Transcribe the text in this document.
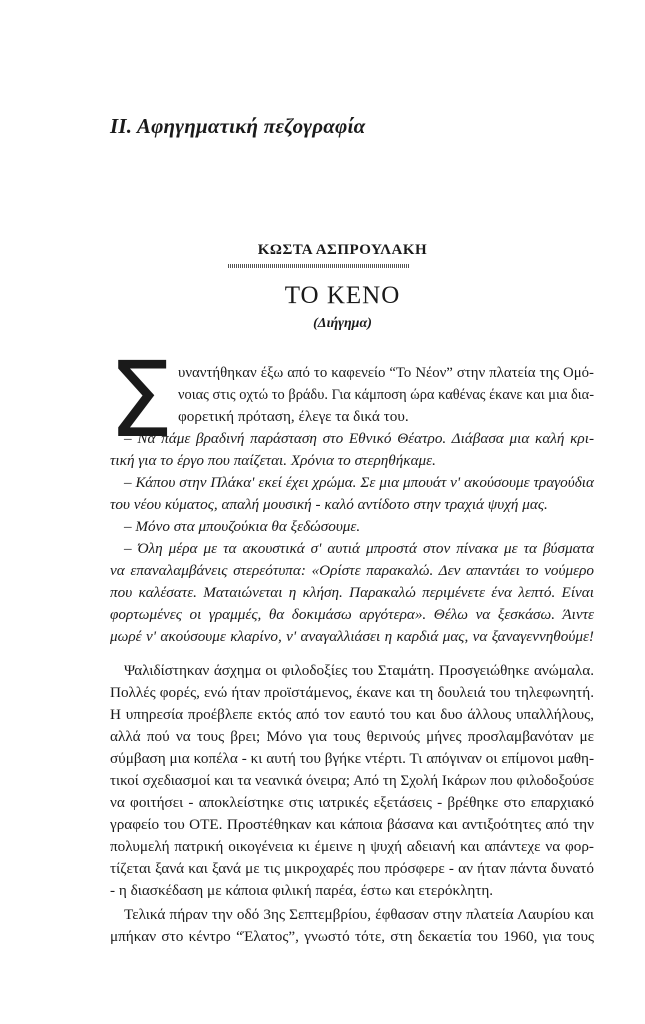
ΙΙ. Αφηγηματική πεζογραφία
ΚΩΣΤΑ ΑΣΠΡΟΥΛΑΚΗ
ΤΟ ΚΕΝΟ
(Διήγημα)
Σ υναντήθηκαν έξω από το καφενείο “Το Νέον” στην πλατεία της Ομό-
νοιας στις οχτώ το βράδυ. Για κάμποση ώρα καθένας έκανε και μια δια-
φορετική πρόταση, έλεγε τα δικά του.
– Να πάμε βραδινή παράσταση στο Εθνικό Θέατρο. Διάβασα μια καλή κρι-
τική για το έργο που παίζεται. Χρόνια το στερηθήκαμε.
– Κάπου στην Πλάκα' εκεί έχει χρώμα. Σε μια μπουάτ ν' ακούσουμε τραγούδια
του νέου κύματος, απαλή μουσική - καλό αντίδοτο στην τραχιά ψυχή μας.
– Μόνο στα μπουζούκια θα ξεδώσουμε.
– Όλη μέρα με τα ακουστικά σ' αυτιά μπροστά στον πίνακα με τα βύσματα
να επαναλαμβάνεις στερεότυπα: «Ορίστε παρακαλώ. Δεν απαντάει το νούμερο
που καλέσατε. Ματαιώνεται η κλήση. Παρακαλώ περιμένετε ένα λεπτό. Είναι
φορτωμένες οι γραμμές, θα δοκιμάσω αργότερα». Θέλω να ξεσκάσω. Άιντε
μωρέ ν' ακούσουμε κλαρίνο, ν' αναγαλλιάσει η καρδιά μας, να ξαναγεννηθούμε!
Ψαλιδίστηκαν άσχημα οι φιλοδοξίες του Σταμάτη. Προσγειώθηκε ανώμαλα.
Πολλές φορές, ενώ ήταν προϊστάμενος, έκανε και τη δουλειά του τηλεφωνητή.
Η υπηρεσία προέβλεπε εκτός από τον εαυτό του και δυο άλλους υπαλλήλους,
αλλά πού να τους βρει; Μόνο για τους θερινούς μήνες προσλαμβανόταν με
σύμβαση μια κοπέλα - κι αυτή του βγήκε ντέρτι. Τι απόγιναν οι επίμονοι μαθη-
τικοί σχεδιασμοί και τα νεανικά όνειρα; Από τη Σχολή Ικάρων που φιλοδοξούσε
να φοιτήσει - αποκλείστηκε στις ιατρικές εξετάσεις - βρέθηκε στο επαρχιακό
γραφείο του ΟΤΕ. Προστέθηκαν και κάποια βάσανα και αντιξοότητες από την
πολυμελή πατρική οικογένεια κι έμεινε η ψυχή αδειανή και απάντεχε να φορ-
τίζεται ξανά και ξανά με τις μικροχαρές που πρόσφερε - αν ήταν πάντα δυνατό
- η διασκέδαση με κάποια φιλική παρέα, έστω και ετερόκλητη.
Τελικά πήραν την οδό 3ης Σεπτεμβρίου, έφθασαν στην πλατεία Λαυρίου και
μπήκαν στο κέντρο “Έλατος”, γνωστό τότε, στη δεκαετία του 1960, για τους
